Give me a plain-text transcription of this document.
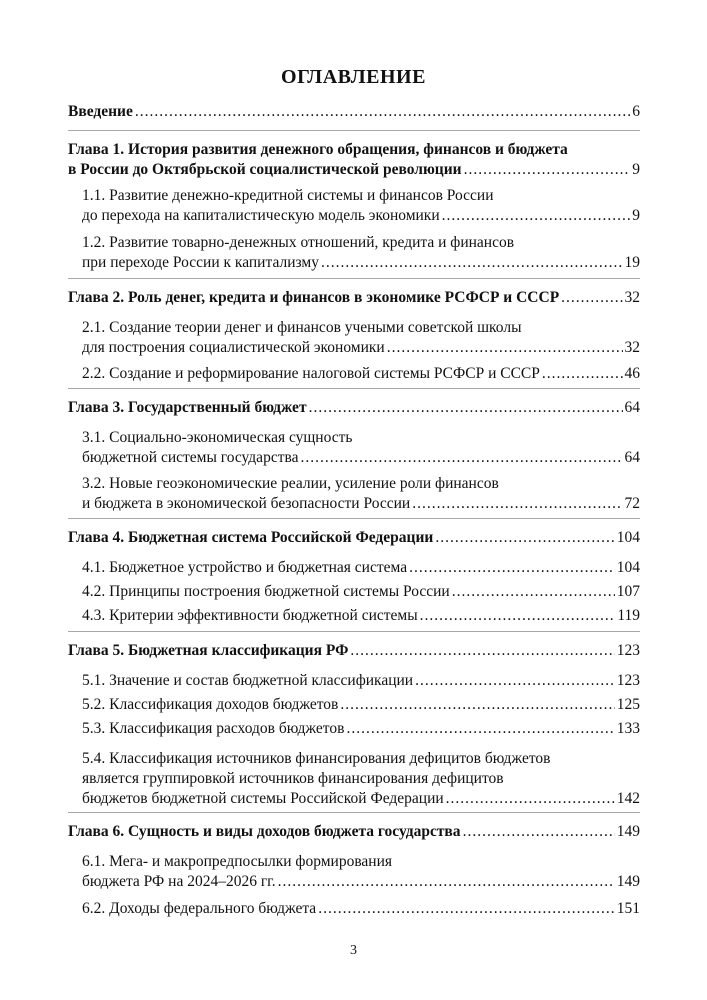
ОГЛАВЛЕНИЕ
Введение .....	6
Глава 1. История развития денежного обращения, финансов и бюджета
в России до Октябрьской социалистической революции .....	9
1.1. Развитие денежно-кредитной системы и финансов России
до перехода на капиталистическую модель экономики .....	9
1.2. Развитие товарно-денежных отношений, кредита и финансов
при переходе России к капитализму .....	19
Глава 2. Роль денег, кредита и финансов в экономике РСФСР и СССР .....	32
2.1. Создание теории денег и финансов учеными советской школы
для построения социалистической экономики .....	32
2.2. Создание и реформирование налоговой системы РСФСР и СССР .....	46
Глава 3. Государственный бюджет .....	64
3.1. Социально-экономическая сущность
бюджетной системы государства .....	64
3.2. Новые геоэкономические реалии, усиление роли финансов
и бюджета в экономической безопасности России .....	72
Глава 4. Бюджетная система Российской Федерации .....	104
4.1. Бюджетное устройство и бюджетная система .....	104
4.2. Принципы построения бюджетной системы России .....	107
4.3. Критерии эффективности бюджетной системы .....	119
Глава 5. Бюджетная классификация РФ .....	123
5.1. Значение и состав бюджетной классификации .....	123
5.2. Классификация доходов бюджетов .....	125
5.3. Классификация расходов бюджетов .....	133
5.4. Классификация источников финансирования дефицитов бюджетов
является группировкой источников финансирования дефицитов
бюджетов бюджетной системы Российской Федерации .....	142
Глава 6. Сущность и виды доходов бюджета государства .....	149
6.1. Мега- и макропредпосылки формирования
бюджета РФ на 2024–2026 гг. .....	149
6.2. Доходы федерального бюджета .....	151
3
